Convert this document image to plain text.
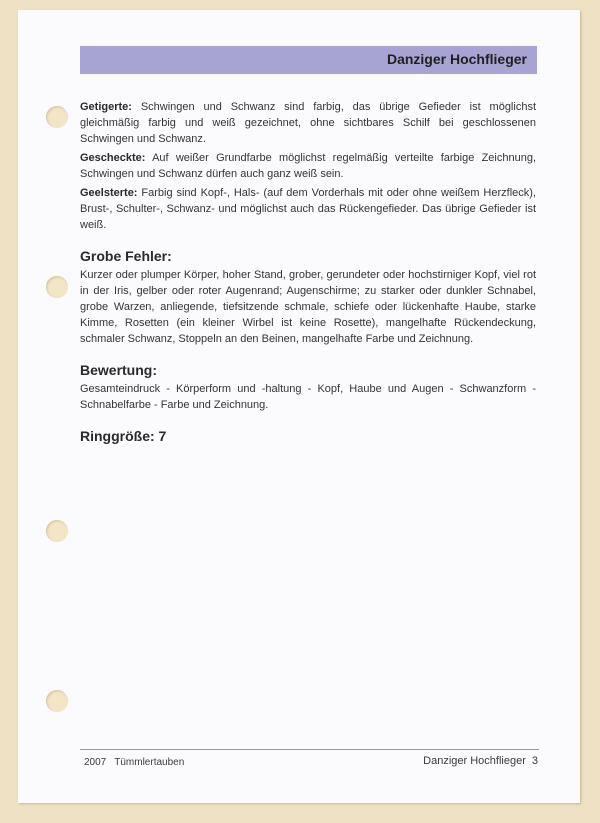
Danziger Hochflieger

Getigerte: Schwingen und Schwanz sind farbig, das übrige Gefieder ist möglichst gleichmäßig farbig und weiß gezeichnet, ohne sichtbares Schilf bei geschlossenen Schwingen und Schwanz.

Gescheckte: Auf weißer Grundfarbe möglichst regelmäßig verteilte farbige Zeichnung, Schwingen und Schwanz dürfen auch ganz weiß sein.

Geelsterte: Farbig sind Kopf-, Hals- (auf dem Vorderhals mit oder ohne weißem Herzfleck), Brust-, Schulter-, Schwanz- und möglichst auch das Rückengefieder. Das übrige Gefieder ist weiß.

Grobe Fehler:

Kurzer oder plumper Körper, hoher Stand, grober, gerundeter oder hochstirniger Kopf, viel rot in der Iris, gelber oder roter Augenrand; Augenschirme; zu starker oder dunkler Schnabel, grobe Warzen, anliegende, tiefsitzende schmale, schiefe oder lückenhafte Haube, starke Kimme, Rosetten (ein kleiner Wirbel ist keine Rosette), mangelhafte Rückendeckung, schmaler Schwanz, Stoppeln an den Beinen, mangelhafte Farbe und Zeichnung.

Bewertung:

Gesamteindruck - Körperform und -haltung - Kopf, Haube und Augen - Schwanzform - Schnabelfarbe - Farbe und Zeichnung.

Ringgröße: 7
2007 Tümmlertauben	Danziger Hochflieger 3
